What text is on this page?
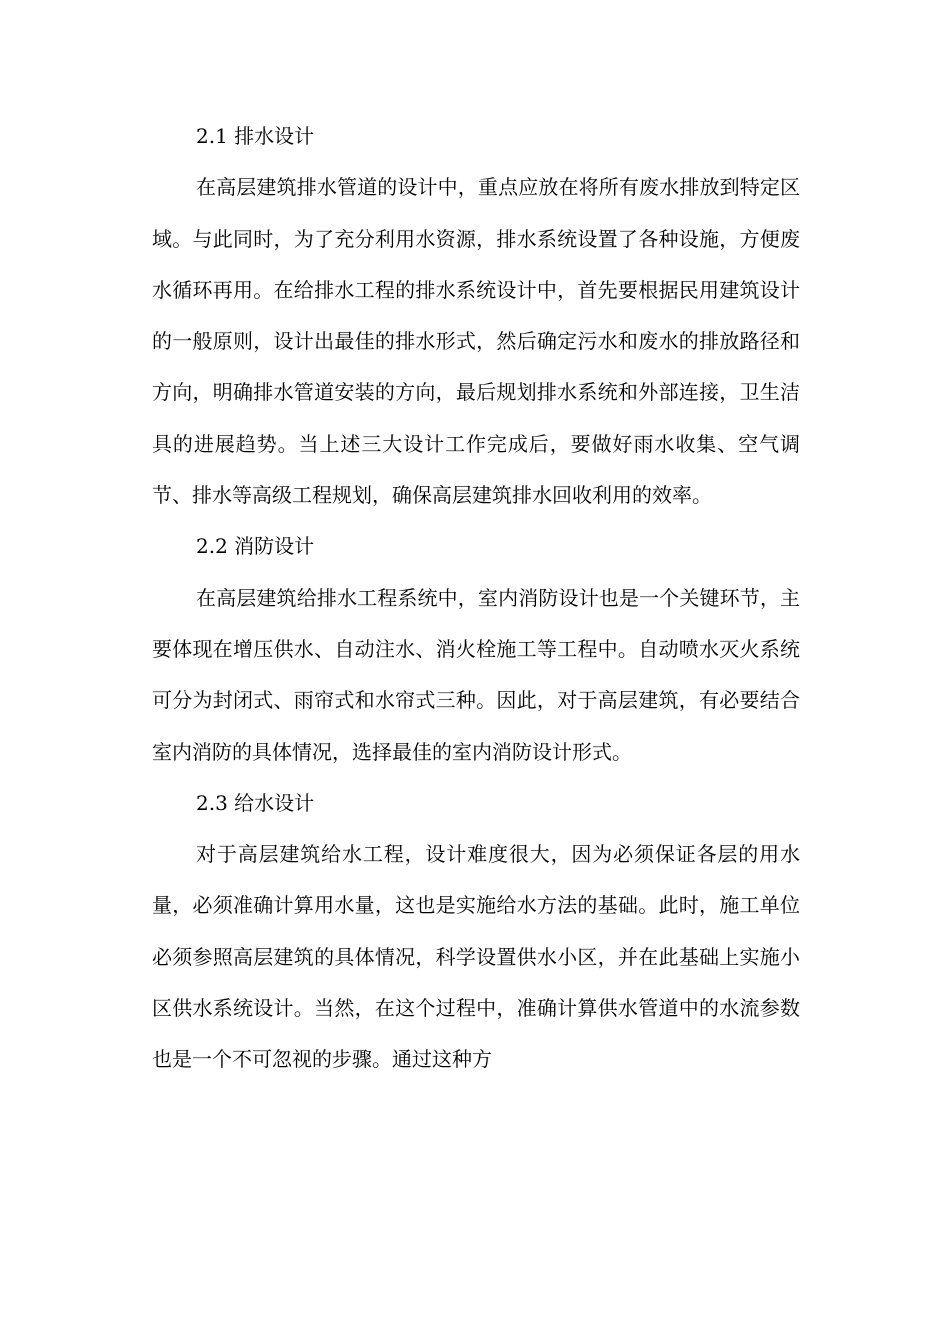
2.1 排水设计

在高层建筑排水管道的设计中，重点应放在将所有废水排放到特定区域。与此同时，为了充分利用水资源，排水系统设置了各种设施，方便废水循环再用。在给排水工程的排水系统设计中，首先要根据民用建筑设计的一般原则，设计出最佳的排水形式，然后确定污水和废水的排放路径和方向，明确排水管道安装的方向，最后规划排水系统和外部连接，卫生洁具的进展趋势。当上述三大设计工作完成后，要做好雨水收集、空气调节、排水等高级工程规划，确保高层建筑排水回收利用的效率。

2.2 消防设计

在高层建筑给排水工程系统中，室内消防设计也是一个关键环节，主要体现在增压供水、自动注水、消火栓施工等工程中。自动喷水灭火系统可分为封闭式、雨帘式和水帘式三种。因此，对于高层建筑，有必要结合室内消防的具体情况，选择最佳的室内消防设计形式。

2.3 给水设计

对于高层建筑给水工程，设计难度很大，因为必须保证各层的用水量，必须准确计算用水量，这也是实施给水方法的基础。此时，施工单位必须参照高层建筑的具体情况，科学设置供水小区，并在此基础上实施小区供水系统设计。当然，在这个过程中，准确计算供水管道中的水流参数也是一个不可忽视的步骤。通过这种方
